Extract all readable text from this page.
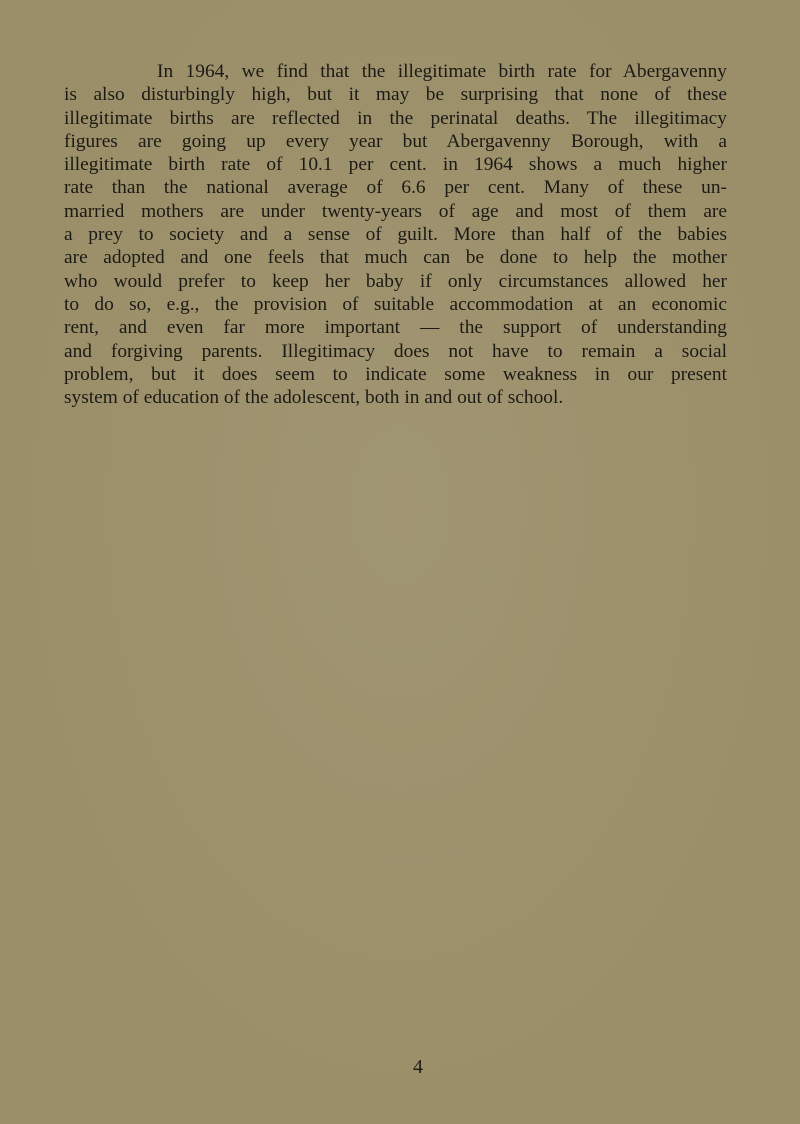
In 1964, we find that the illegitimate birth rate for Abergavenny
is also disturbingly high, but it may be surprising that none of these
illegitimate births are reflected in the perinatal deaths. The illegitimacy
figures are going up every year but Abergavenny Borough, with a
illegitimate birth rate of 10.1 per cent. in 1964 shows a much higher
rate than the national average of 6.6 per cent. Many of these un-
married mothers are under twenty-years of age and most of them are
a prey to society and a sense of guilt. More than half of the babies
are adopted and one feels that much can be done to help the mother
who would prefer to keep her baby if only circumstances allowed her
to do so, e.g., the provision of suitable accommodation at an economic
rent, and even far more important — the support of understanding
and forgiving parents. Illegitimacy does not have to remain a social
problem, but it does seem to indicate some weakness in our present
system of education of the adolescent, both in and out of school.
4
